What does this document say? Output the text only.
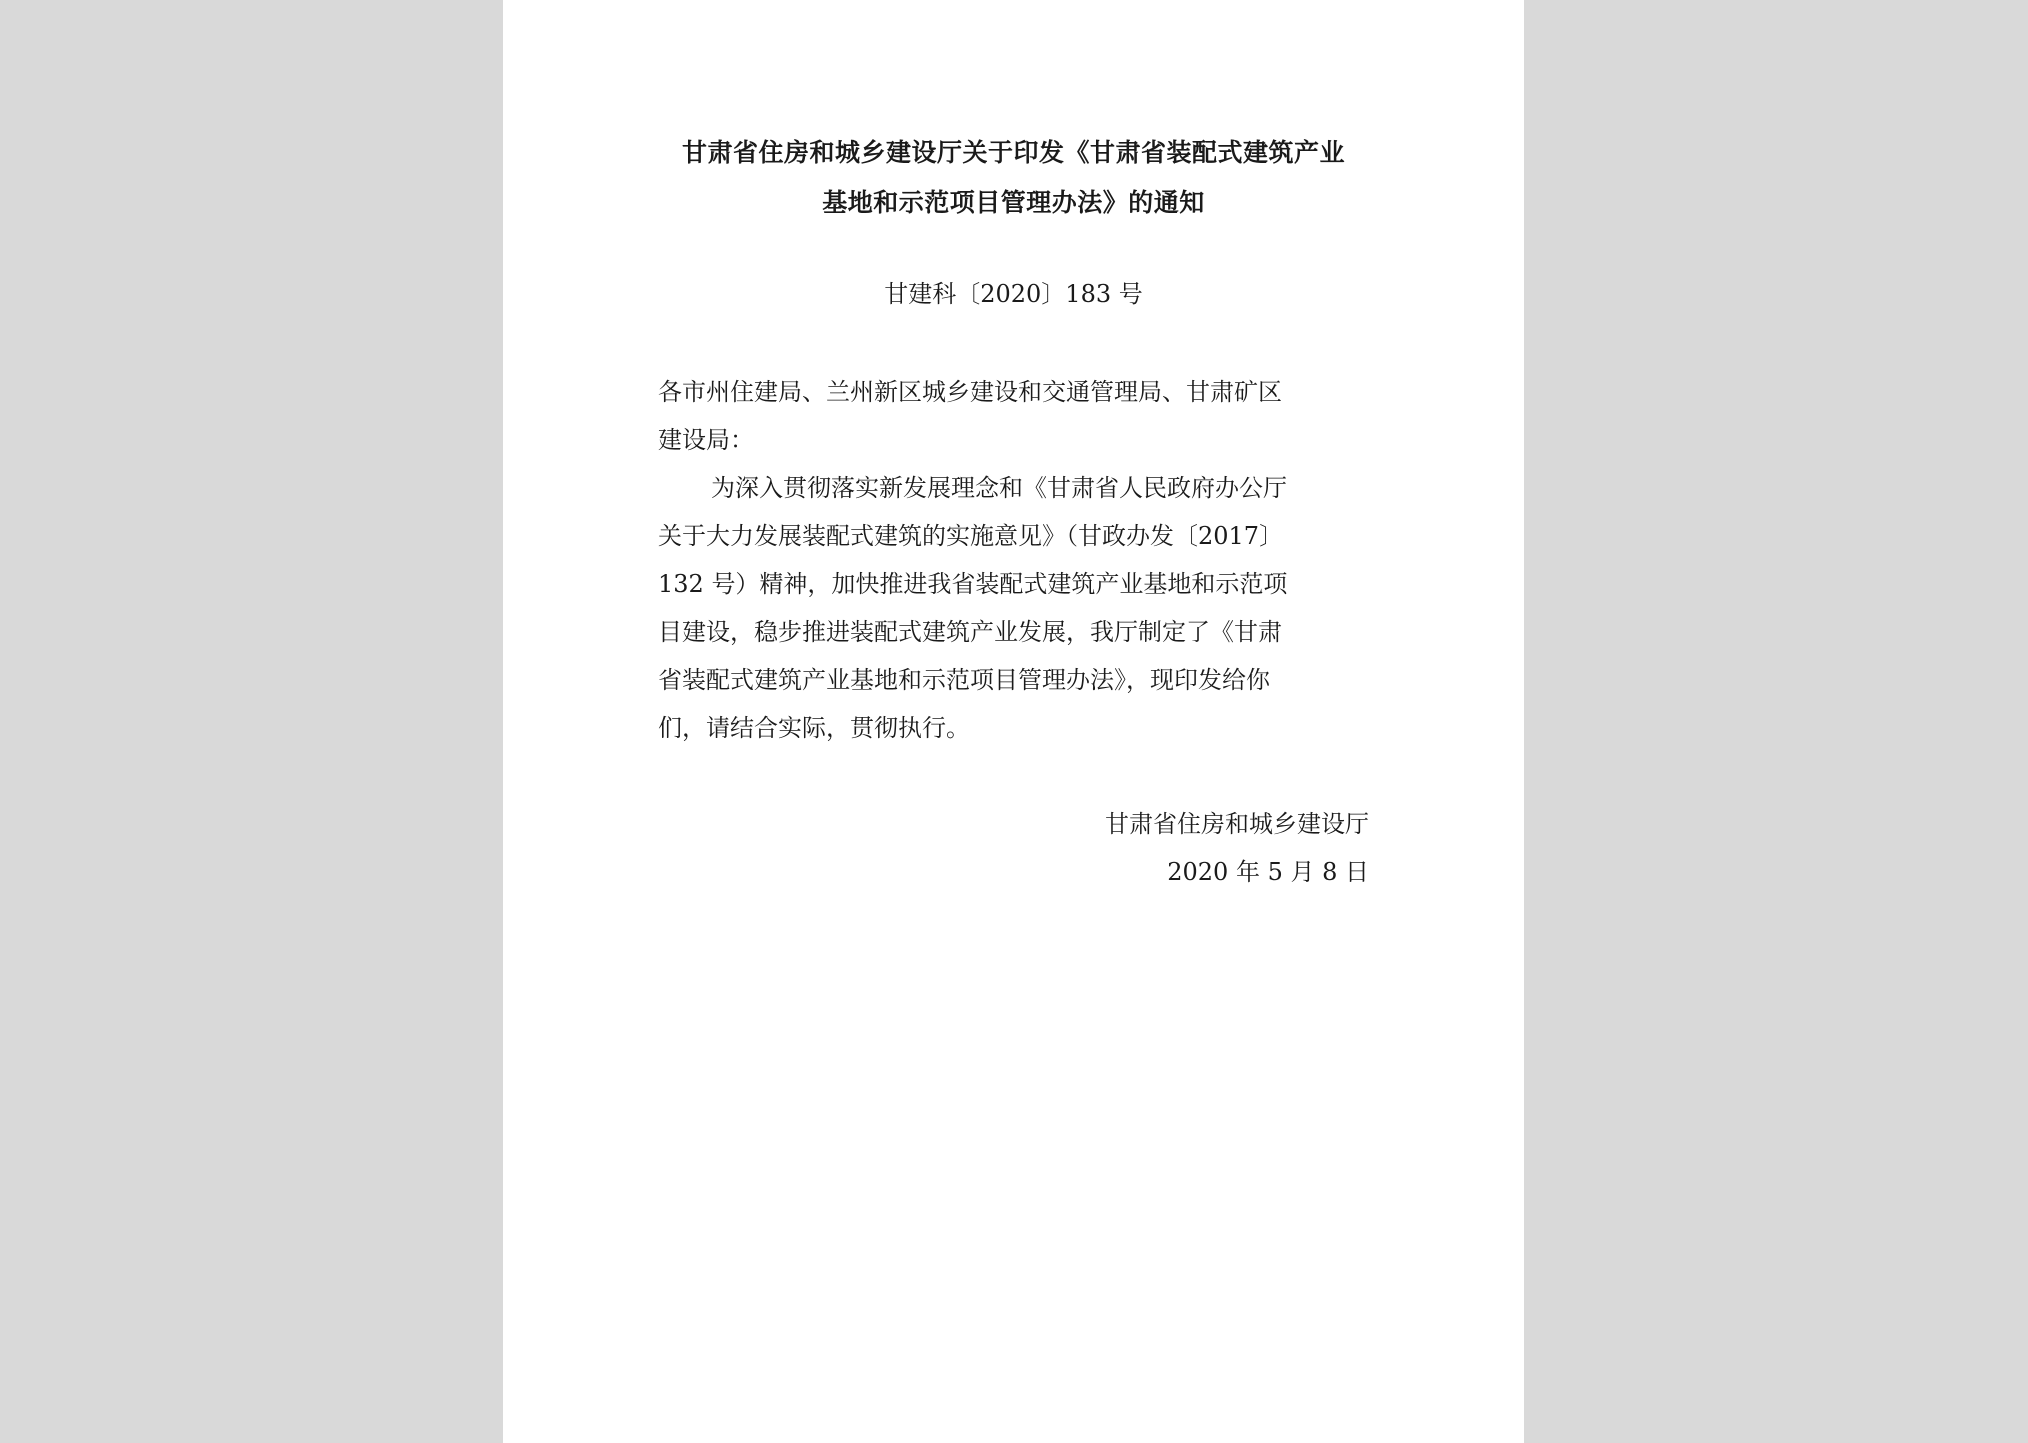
甘肃省住房和城乡建设厅关于印发《甘肃省装配式建筑产业
基地和示范项目管理办法》的通知
甘建科〔2020〕183 号

各市州住建局、兰州新区城乡建设和交通管理局、甘肃矿区
建设局：

为深入贯彻落实新发展理念和《甘肃省人民政府办公厅
关于大力发展装配式建筑的实施意见》（甘政办发〔2017〕
132 号）精神，加快推进我省装配式建筑产业基地和示范项
目建设，稳步推进装配式建筑产业发展，我厅制定了《甘肃
省装配式建筑产业基地和示范项目管理办法》，现印发给你
们，请结合实际，贯彻执行。

甘肃省住房和城乡建设厅
2020 年 5 月 8 日
